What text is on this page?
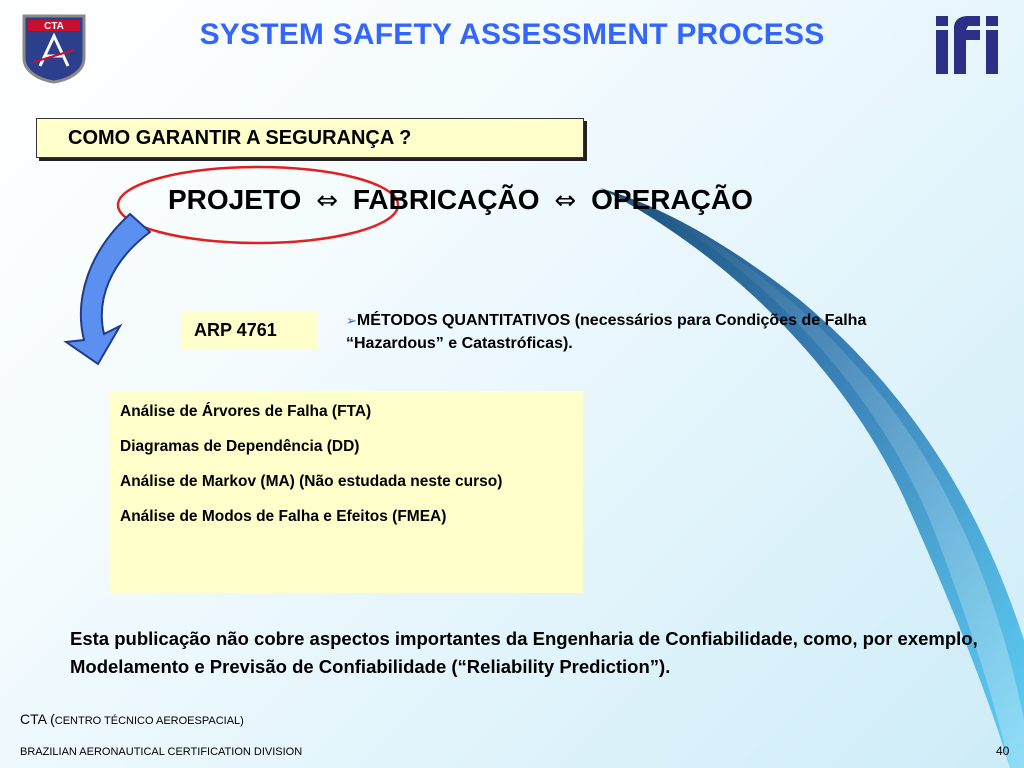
CTA	SYSTEM SAFETY ASSESSMENT PROCESS
COMO GARANTIR A SEGURANÇA ?
PROJETO ⇔ FABRICAÇÃO ⇔ OPERAÇÃO
ARP 4761	➢MÉTODOS QUANTITATIVOS (necessários para Condições de Falha “Hazardous” e Catastróficas).

Análise de Árvores de Falha (FTA)

Diagramas de Dependência (DD)

Análise de Markov (MA) (Não estudada neste curso)

Análise de Modos de Falha e Efeitos (FMEA)

Esta publicação não cobre aspectos importantes da Engenharia de Confiabilidade, como, por exemplo, Modelamento e Previsão de Confiabilidade (“Reliability Prediction”).
CTA (CENTRO TÉCNICO AEROESPACIAL)
BRAZILIAN AERONAUTICAL CERTIFICATION DIVISION	40
